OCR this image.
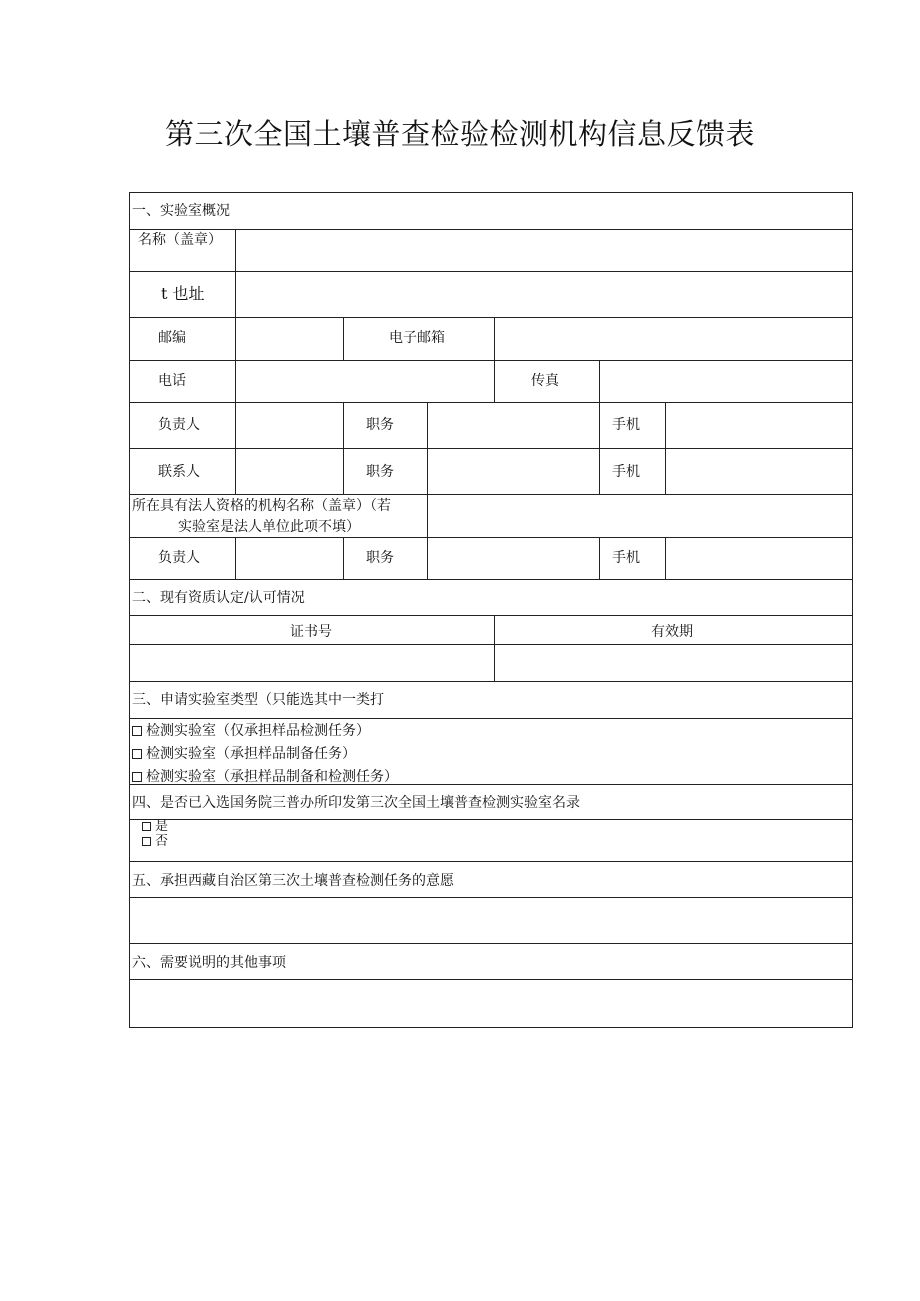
第三次全国土壤普查检验检测机构信息反馈表
一、实验室概况
名称（盖章）
t 也址
邮编	电子邮箱
电话	传真
负责人	职务	手机
联系人	职务	手机
所在具有法人资格的机构名称（盖章）（若
实验室是法人单位此项不填）
负责人	职务	手机
二、现有资质认定/认可情况
证书号	有效期
三、申请实验室类型（只能选其中一类打
检测实验室（仅承担样品检测任务）
检测实验室（承担样品制备任务）
检测实验室（承担样品制备和检测任务）
四、是否已入选国务院三普办所印发第三次全国土壤普查检测实验室名录
是
否
五、承担西藏自治区第三次土壤普查检测任务的意愿
六、需要说明的其他事项
